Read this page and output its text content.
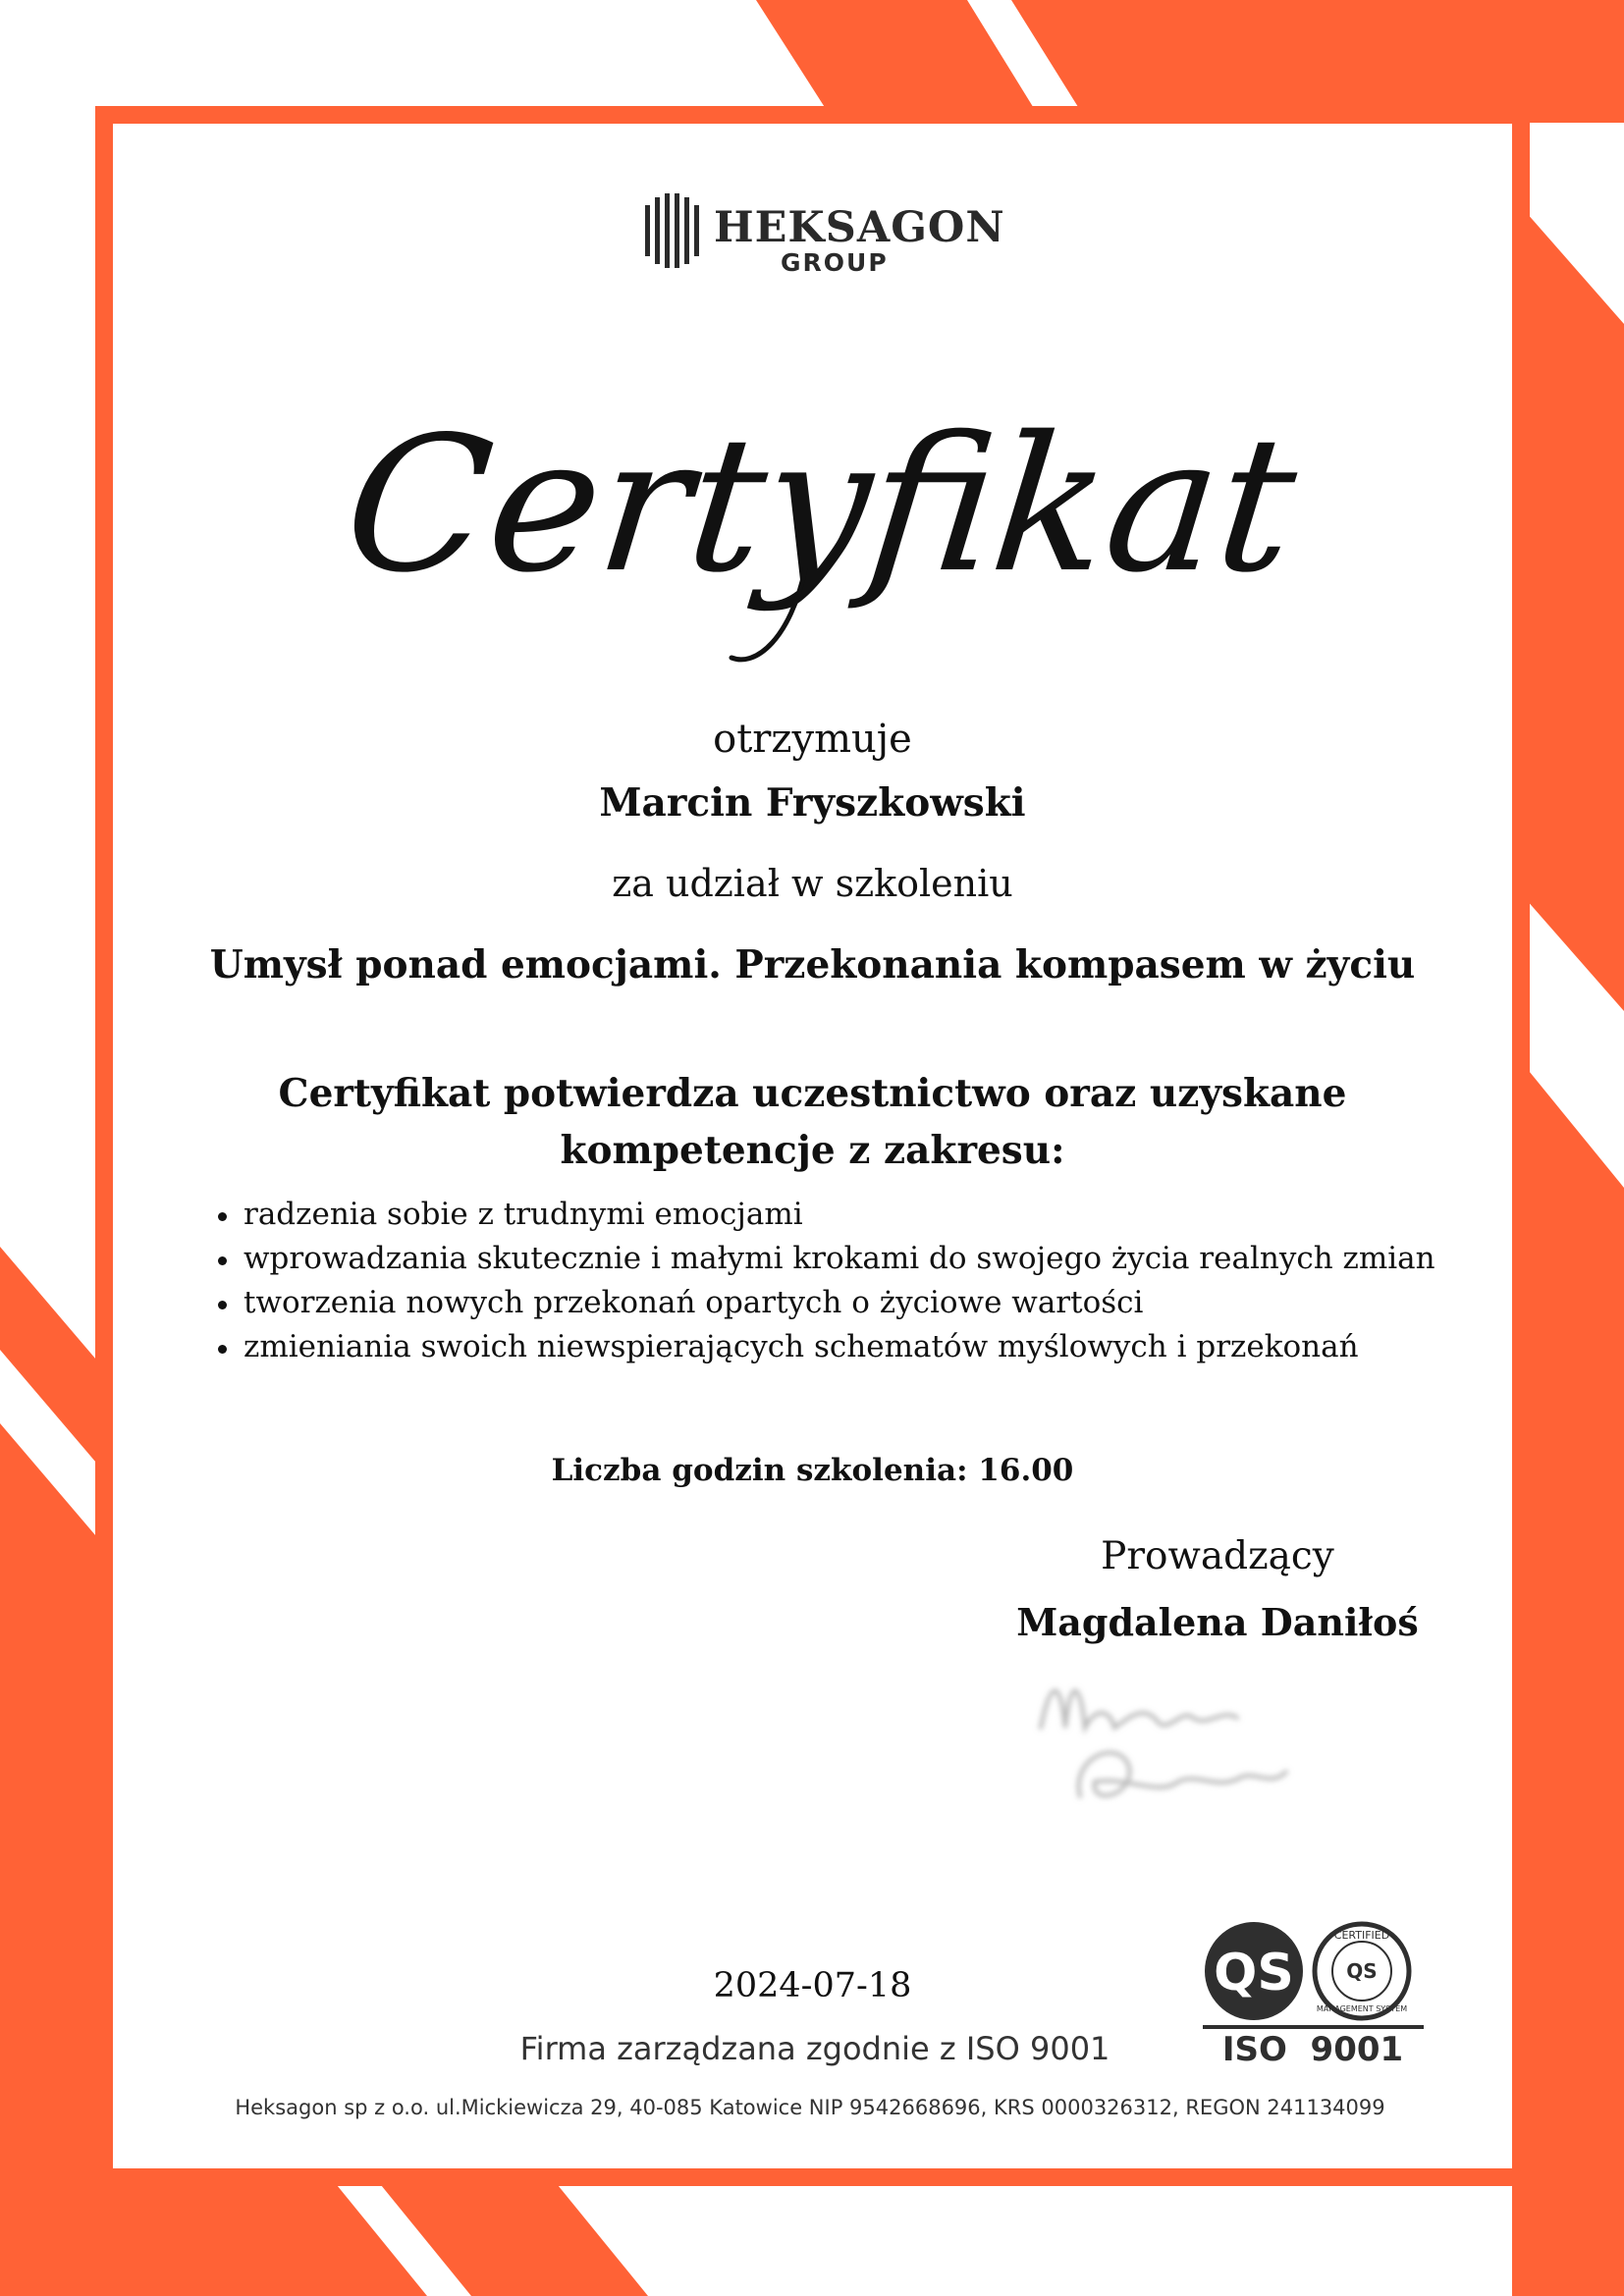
HEKSAGON
GROUP
Certyfikat
otrzymuje
Marcin Fryszkowski
za udział w szkoleniu
Umysł ponad emocjami. Przekonania kompasem w życiu
Certyfikat potwierdza uczestnictwo oraz uzyskane
kompetencje z zakresu:
radzenia sobie z trudnymi emocjami
wprowadzania skutecznie i małymi krokami do swojego życia realnych zmian
tworzenia nowych przekonań opartych o życiowe wartości
zmieniania swoich niewspierających schematów myślowych i przekonań
Liczba godzin szkolenia: 16.00
Prowadzący
Magdalena Daniłoś
2024-07-18
Firma zarządzana zgodnie z ISO 9001
QS	QS
CERTIFIED
MANAGEMENT SYSTEM
ISO  9001
Heksagon sp z o.o. ul.Mickiewicza 29, 40-085 Katowice NIP 9542668696, KRS 0000326312, REGON 241134099
